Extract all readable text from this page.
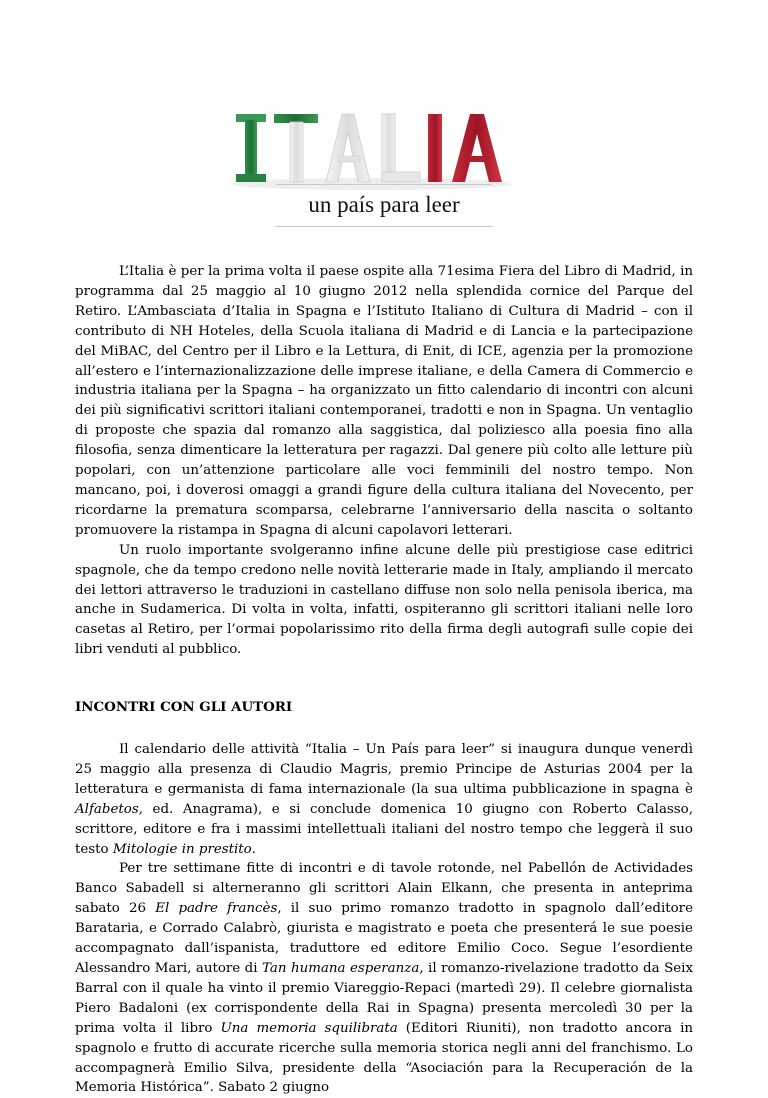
un país para leer

L’Italia è per la prima volta il paese ospite alla 71esima Fiera del Libro di Madrid, in programma dal 25 maggio al 10 giugno 2012 nella splendida cornice del Parque del Retiro. L’Ambasciata d’Italia in Spagna e l’Istituto Italiano di Cultura di Madrid – con il contributo di NH Hoteles, della Scuola italiana di Madrid e di Lancia e la partecipazione del MiBAC, del Centro per il Libro e la Lettura, di Enit, di ICE, agenzia per la promozione all’estero e l’internazionalizzazione delle imprese italiane, e della Camera di Commercio e industria italiana per la Spagna – ha organizzato un fitto calendario di incontri con alcuni dei più significativi scrittori italiani contemporanei, tradotti e non in Spagna. Un ventaglio di proposte che spazia dal romanzo alla saggistica, dal poliziesco alla poesia fino alla filosofia, senza dimenticare la letteratura per ragazzi. Dal genere più colto alle letture più popolari, con un’attenzione particolare alle voci femminili del nostro tempo. Non mancano, poi, i doverosi omaggi a grandi figure della cultura italiana del Novecento, per ricordarne la prematura scomparsa, celebrarne l’anniversario della nascita o soltanto promuovere la ristampa in Spagna di alcuni capolavori letterari.

Un ruolo importante svolgeranno infine alcune delle più prestigiose case editrici spagnole, che da tempo credono nelle novità letterarie made in Italy, ampliando il mercato dei lettori attraverso le traduzioni in castellano diffuse non solo nella penisola iberica, ma anche in Sudamerica. Di volta in volta, infatti, ospiteranno gli scrittori italiani nelle loro casetas al Retiro, per l’ormai popolarissimo rito della firma degli autografi sulle copie dei libri venduti al pubblico.

INCONTRI CON GLI AUTORI

Il calendario delle attività “Italia – Un País para leer” si inaugura dunque venerdì 25 maggio alla presenza di Claudio Magris, premio Principe de Asturias 2004 per la letteratura e germanista di fama internazionale (la sua ultima pubblicazione in spagna è Alfabetos, ed. Anagrama), e si conclude domenica 10 giugno con Roberto Calasso, scrittore, editore e fra i massimi intellettuali italiani del nostro tempo che leggerà il suo testo Mitologie in prestito.

Per tre settimane fitte di incontri e di tavole rotonde, nel Pabellón de Actividades Banco Sabadell si alterneranno gli scrittori Alain Elkann, che presenta in anteprima sabato 26 El padre francès, il suo primo romanzo tradotto in spagnolo dall’editore Barataria, e Corrado Calabrò, giurista e magistrato e poeta che presenterá le sue poesie accompagnato dall’ispanista, traduttore ed editore Emilio Coco. Segue l’esordiente Alessandro Mari, autore di Tan humana esperanza, il romanzo-rivelazione tradotto da Seix Barral con il quale ha vinto il premio Viareggio-Repaci (martedì 29). Il celebre giornalista Piero Badaloni (ex corrispondente della Rai in Spagna) presenta mercoledì 30 per la prima volta il libro Una memoria squilibrata (Editori Riuniti), non tradotto ancora in spagnolo e frutto di accurate ricerche sulla memoria storica negli anni del franchismo. Lo accompagnerà Emilio Silva, presidente della “Asociación para la Recuperación de la Memoria Histórica”. Sabato 2 giugno
